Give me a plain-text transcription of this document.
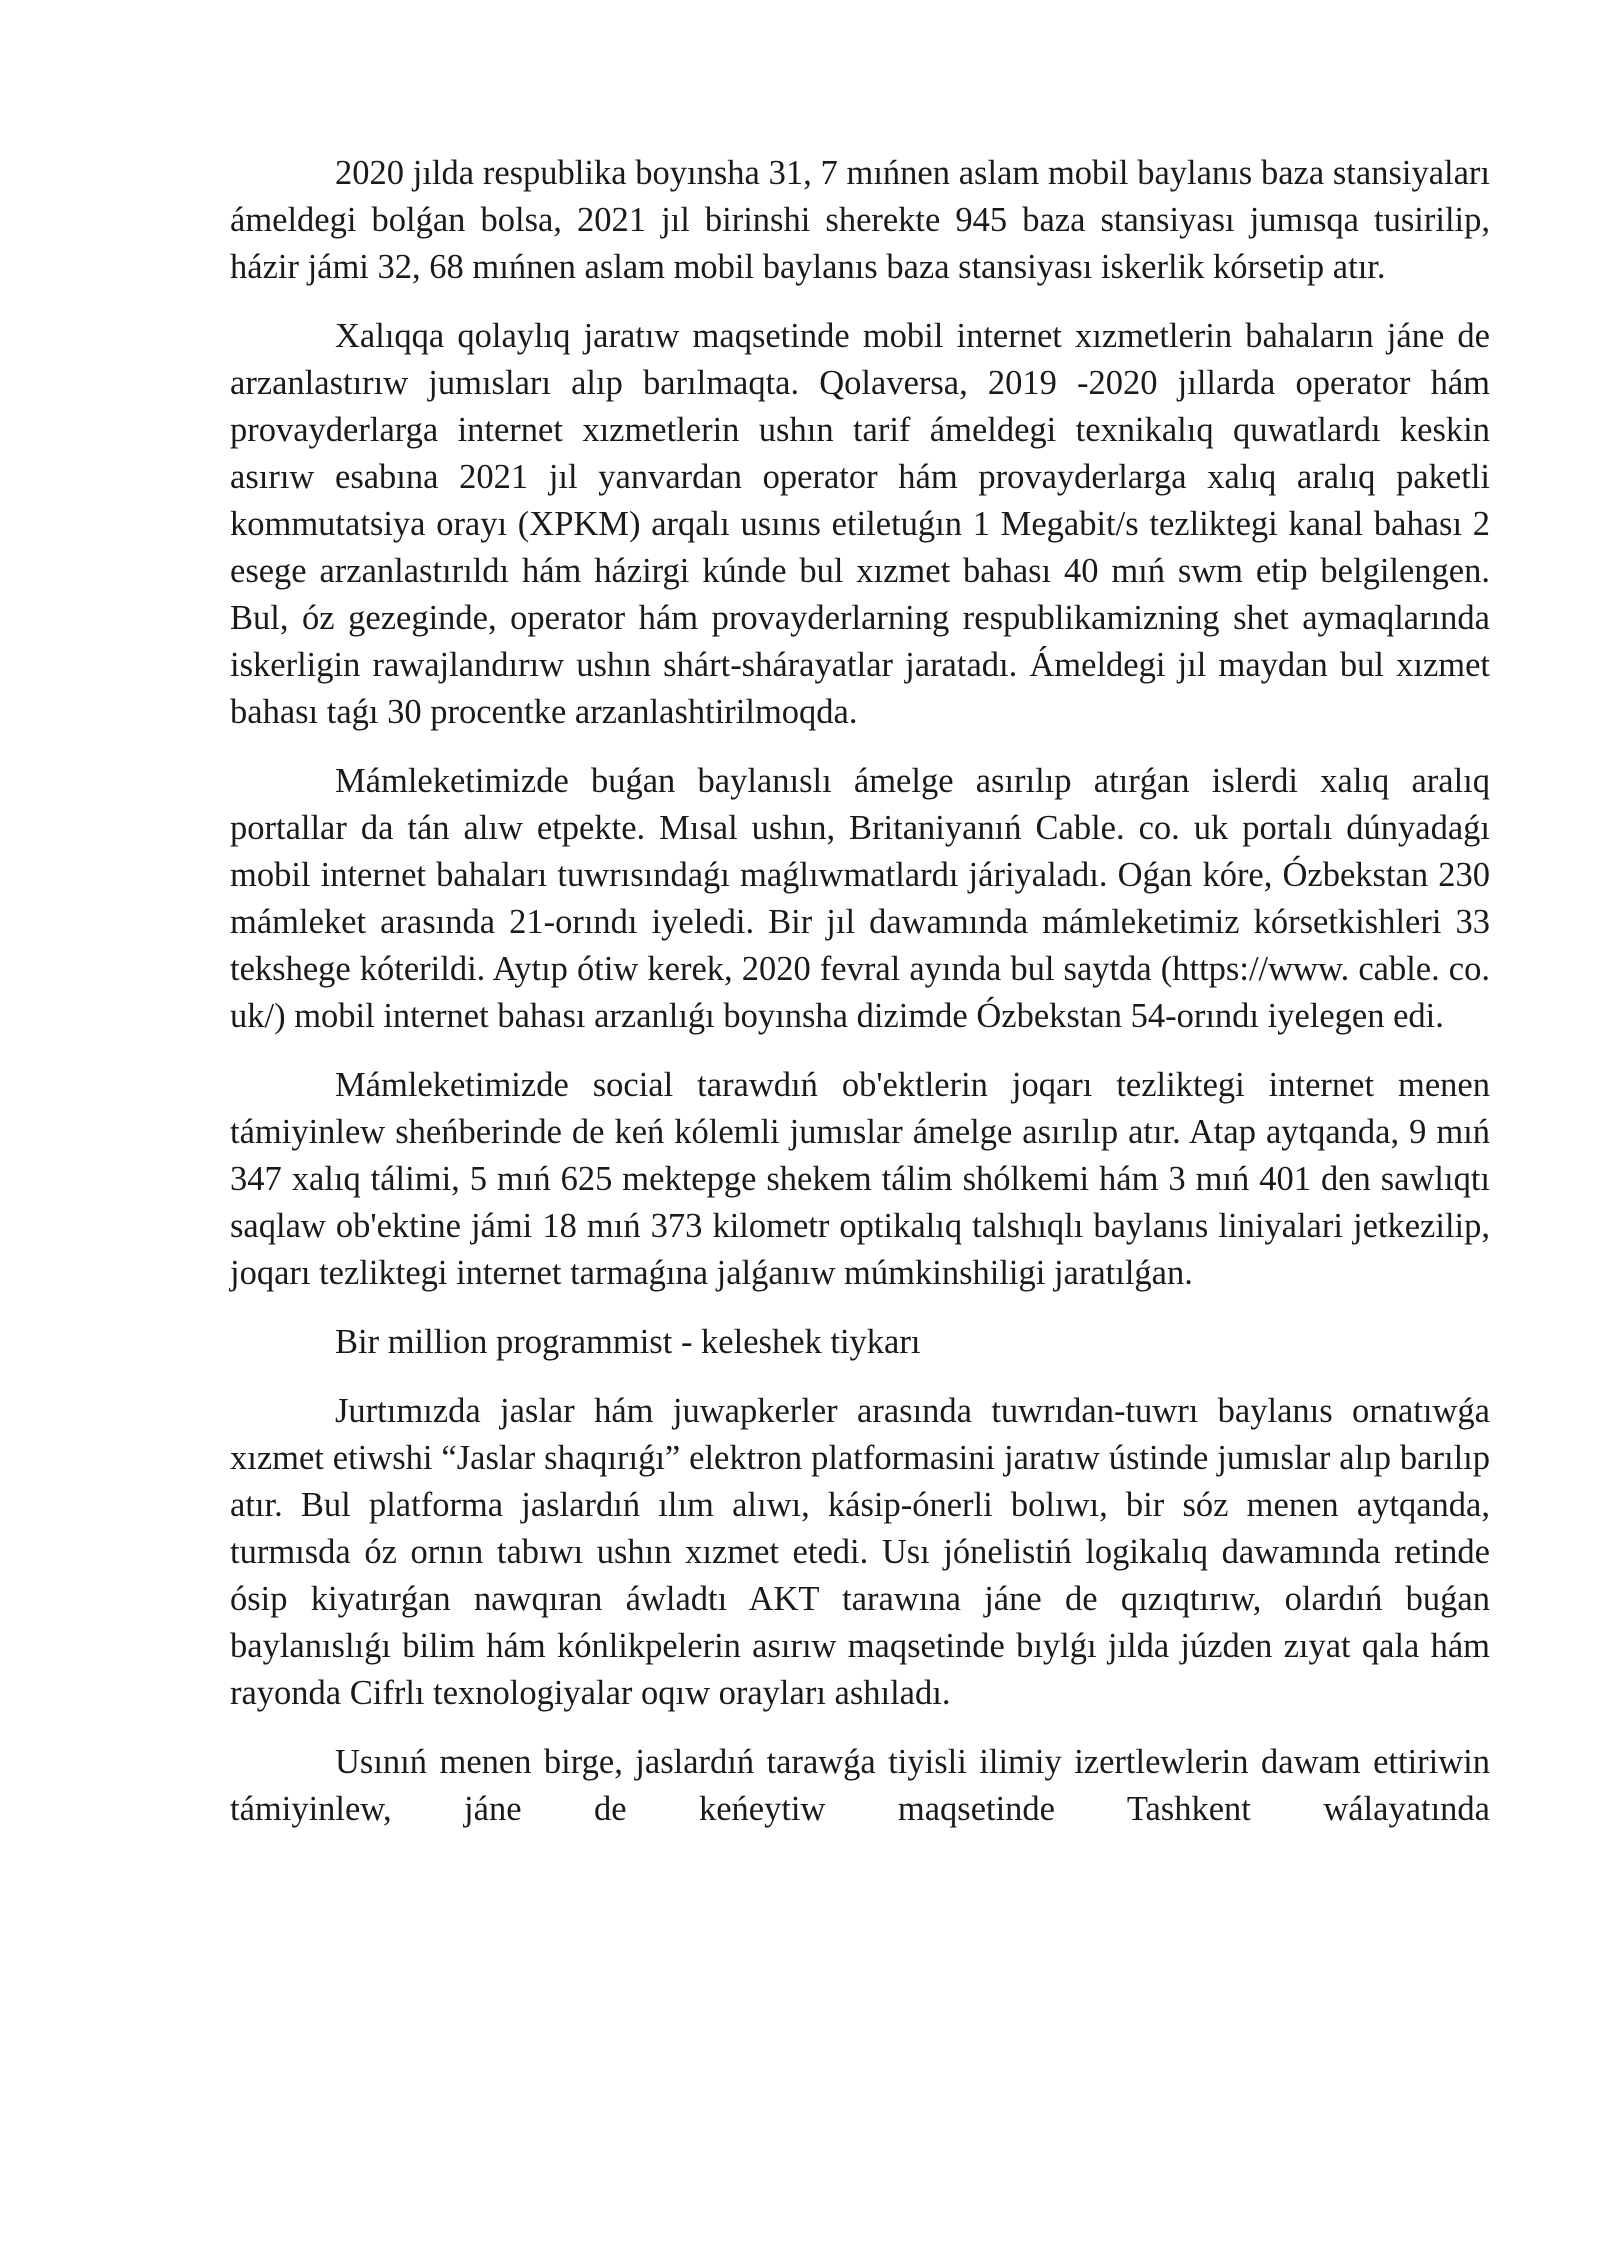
2020 jılda respublika boyınsha 31, 7 mıńnen aslam mobil baylanıs baza stansiyaları ámeldegi bolǵan bolsa, 2021 jıl birinshi sherekte 945 baza stansiyası jumısqa tusirilip, házir jámi 32, 68 mıńnen aslam mobil baylanıs baza stansiyası iskerlik kórsetip atır.

Xalıqqa qolaylıq jaratıw maqsetinde mobil internet xızmetlerin bahaların jáne de arzanlastırıw jumısları alıp barılmaqta. Qolaversa, 2019 -2020 jıllarda operator hám provayderlarga internet xızmetlerin ushın tarif ámeldegi texnikalıq quwatlardı keskin asırıw esabına 2021 jıl yanvardan operator hám provayderlarga xalıq aralıq paketli kommutatsiya orayı (XPKM) arqalı usınıs etiletuǵın 1 Megabit/s tezliktegi kanal bahası 2 esege arzanlastırıldı hám házirgi kúnde bul xızmet bahası 40 mıń swm etip belgilengen. Bul, óz gezeginde, operator hám provayderlarning respublikamizning shet aymaqlarında iskerligin rawajlandırıw ushın shárt-shárayatlar jaratadı. Ámeldegi jıl maydan bul xızmet bahası taǵı 30 procentke arzanlashtirilmoqda.

Mámleketimizde buǵan baylanıslı ámelge asırılıp atırǵan islerdi xalıq aralıq portallar da tán alıw etpekte. Mısal ushın, Britaniyanıń Cable. co. uk portalı dúnyadaǵı mobil internet bahaları tuwrısındaǵı maǵlıwmatlardı járiyaladı. Oǵan kóre, Ózbekstan 230 mámleket arasında 21-orındı iyeledi. Bir jıl dawamında mámleketimiz kórsetkishleri 33 tekshege kóterildi. Aytıp ótiw kerek, 2020 fevral ayında bul saytda (https://www. cable. co. uk/) mobil internet bahası arzanlıǵı boyınsha dizimde Ózbekstan 54-orındı iyelegen edi.

Mámleketimizde social tarawdıń ob'ektlerin joqarı tezliktegi internet menen támiyinlew sheńberinde de keń kólemli jumıslar ámelge asırılıp atır. Atap aytqanda, 9 mıń 347 xalıq tálimi, 5 mıń 625 mektepge shekem tálim shólkemi hám 3 mıń 401 den sawlıqtı saqlaw ob'ektine jámi 18 mıń 373 kilometr optikalıq talshıqlı baylanıs liniyalari jetkezilip, joqarı tezliktegi internet tarmaǵına jalǵanıw múmkinshiligi jaratılǵan.

Bir million programmist - keleshek tiykarı

Jurtımızda jaslar hám juwapkerler arasında tuwrıdan-tuwrı baylanıs ornatıwǵa xızmet etiwshi “Jaslar shaqırıǵı” elektron platformasini jaratıw ústinde jumıslar alıp barılıp atır. Bul platforma jaslardıń ılım alıwı, kásip-ónerli bolıwı, bir sóz menen aytqanda, turmısda óz ornın tabıwı ushın xızmet etedi. Usı jónelistiń logikalıq dawamında retinde ósip kiyatırǵan nawqıran áwladtı AKT tarawına jáne de qızıqtırıw, olardıń buǵan baylanıslıǵı bilim hám kónlikpelerin asırıw maqsetinde bıylǵı jılda júzden zıyat qala hám rayonda Cifrlı texnologiyalar oqıw orayları ashıladı.

Usınıń menen birge, jaslardıń tarawǵa tiyisli ilimiy izertlewlerin dawam ettiriwin támiyinlew, jáne de keńeytiw maqsetinde Tashkent wálayatında
